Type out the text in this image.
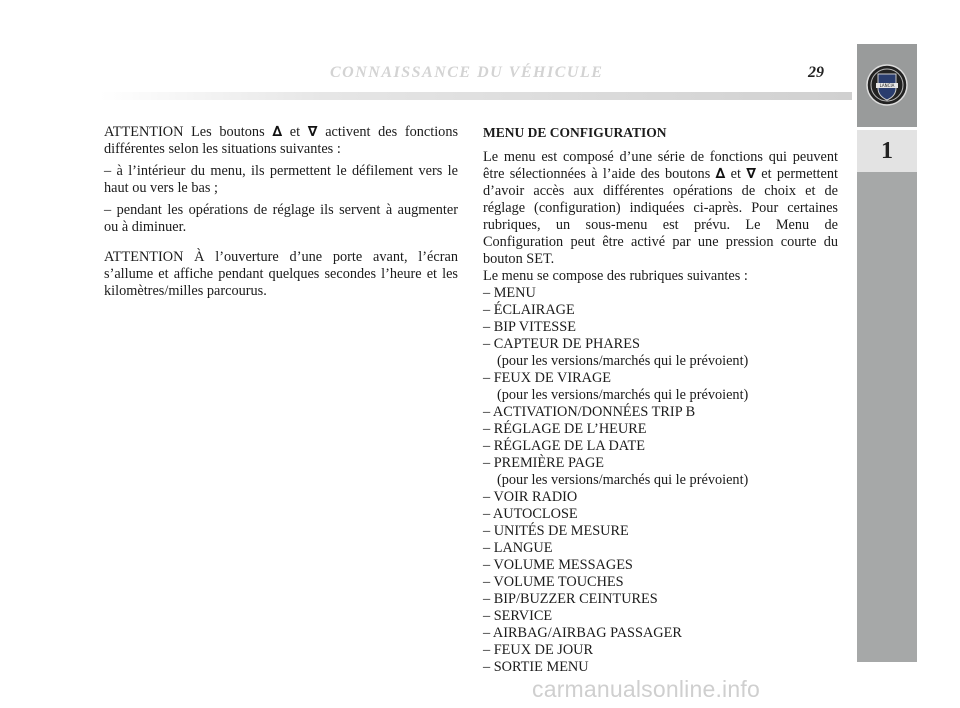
CONNAISSANCE DU VÉHICULE	29
LANCIA
1

ATTENTION Les boutons ∆ et ∇ activent des fonctions différentes selon les situations suivantes :

– à l’intérieur du menu, ils permettent le défilement vers le haut ou vers le bas ;

– pendant les opérations de réglage ils servent à augmenter ou à diminuer.

ATTENTION À l’ouverture d’une porte avant, l’écran s’allume et affiche pendant quelques secondes l’heure et les kilomètres/milles parcourus.

MENU DE CONFIGURATION

Le menu est composé d’une série de fonctions qui peuvent être sélectionnées à l’aide des boutons ∆ et ∇ et permettent d’avoir accès aux différentes opérations de choix et de réglage (configuration) indiquées ci-après. Pour certaines rubriques, un sous-menu est prévu. Le Menu de Configuration peut être activé par une pression courte du bouton SET.

Le menu se compose des rubriques suivantes :
– MENU
– ÉCLAIRAGE
– BIP VITESSE
– CAPTEUR DE PHARES
(pour les versions/marchés qui le prévoient)
– FEUX DE VIRAGE
(pour les versions/marchés qui le prévoient)
– ACTIVATION/DONNÉES TRIP B
– RÉGLAGE DE L’HEURE
– RÉGLAGE DE LA DATE
– PREMIÈRE PAGE
(pour les versions/marchés qui le prévoient)
– VOIR RADIO
– AUTOCLOSE
– UNITÉS DE MESURE
– LANGUE
– VOLUME MESSAGES
– VOLUME TOUCHES
– BIP/BUZZER CEINTURES
– SERVICE
– AIRBAG/AIRBAG PASSAGER
– FEUX DE JOUR
– SORTIE MENU
carmanualsonline.info
